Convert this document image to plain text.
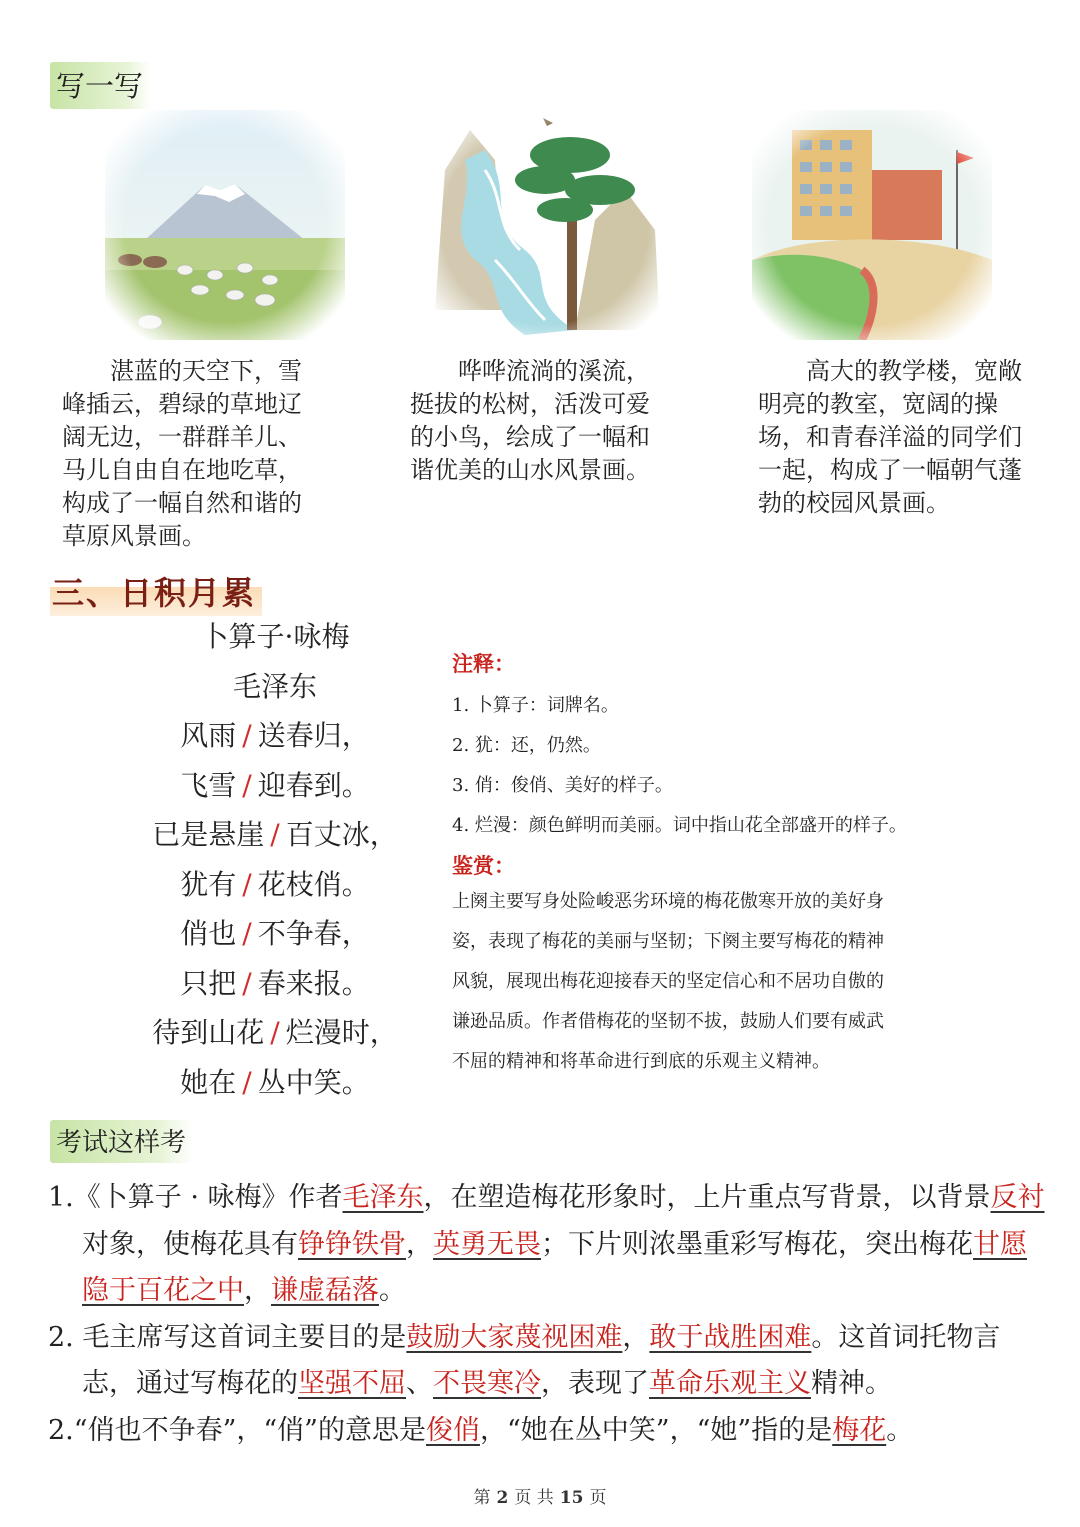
写一写

湛蓝的天空下，雪峰插云，碧绿的草地辽阔无边，一群群羊儿、马儿自由自在地吃草，构成了一幅自然和谐的草原风景画。

哗哗流淌的溪流，挺拔的松树，活泼可爱的小鸟，绘成了一幅和谐优美的山水风景画。

高大的教学楼，宽敞明亮的教室，宽阔的操场，和青春洋溢的同学们一起，构成了一幅朝气蓬勃的校园风景画。

三、日积月累
卜算子·咏梅
毛泽东
风雨 / 送春归，
飞雪 / 迎春到。
已是悬崖 / 百丈冰，
犹有 / 花枝俏。
俏也 / 不争春，
只把 / 春来报。
待到山花 / 烂漫时，
她在 / 丛中笑。
注释：
1. 卜算子：词牌名。
2. 犹：还，仍然。
3. 俏：俊俏、美好的样子。
4. 烂漫：颜色鲜明而美丽。词中指山花全部盛开的样子。
鉴赏：
上阕主要写身处险峻恶劣环境的梅花傲寒开放的美好身
姿，表现了梅花的美丽与坚韧；下阕主要写梅花的精神
风貌，展现出梅花迎接春天的坚定信心和不居功自傲的
谦逊品质。作者借梅花的坚韧不拔，鼓励人们要有威武
不屈的精神和将革命进行到底的乐观主义精神。
考试这样考
1.《卜算子 · 咏梅》作者毛泽东，在塑造梅花形象时，上片重点写背景，以背景反衬对象，使梅花具有铮铮铁骨，英勇无畏；下片则浓墨重彩写梅花，突出梅花甘愿隐于百花之中，谦虚磊落。
2. 毛主席写这首词主要目的是鼓励大家蔑视困难，敢于战胜困难。这首词托物言志，通过写梅花的坚强不屈、不畏寒冷，表现了革命乐观主义精神。
2.“俏也不争春”，“俏”的意思是俊俏，“她在丛中笑”，“她”指的是梅花。

第 2 页 共 15 页
